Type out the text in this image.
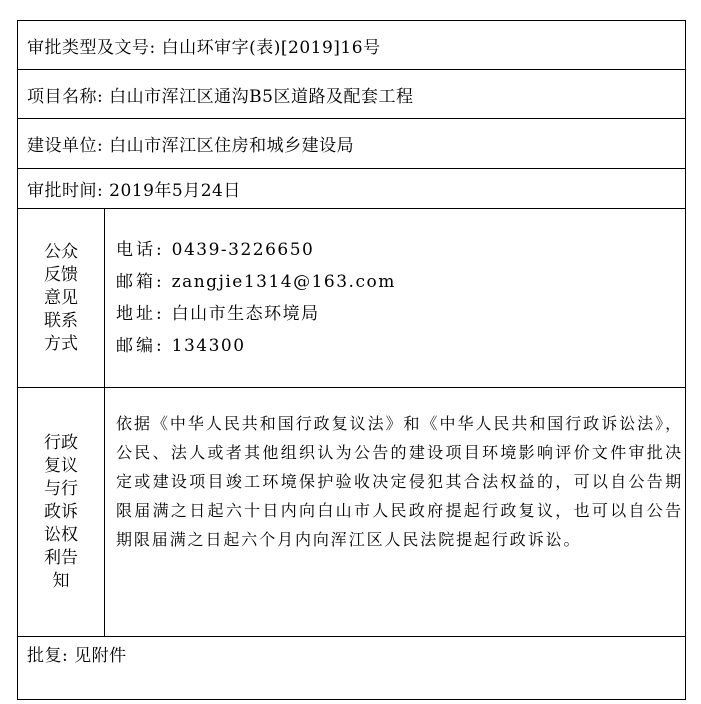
审批类型及文号: 白山环审字(表)[2019]16号	
项目名称: 白山市浑江区通沟B5区道路及配套工程	
建设单位: 白山市浑江区住房和城乡建设局	
审批时间: 2019年5月24日	
公众反馈意见联系方式	电话: 0439-3226650
邮箱: zangjie1314@163.com
地址: 白山市生态环境局
邮编: 134300

行政复议与行政诉讼权利告知	依据《中华人民共和国行政复议法》和《中华人民共和国行政诉讼法》，公民、法人或者其他组织认为公告的建设项目环境影响评价文件审批决定或建设项目竣工环境保护验收决定侵犯其合法权益的，可以自公告期限届满之日起六十日内向白山市人民政府提起行政复议，也可以自公告期限届满之日起六个月内向浑江区人民法院提起行政诉讼。

批复: 见附件	
